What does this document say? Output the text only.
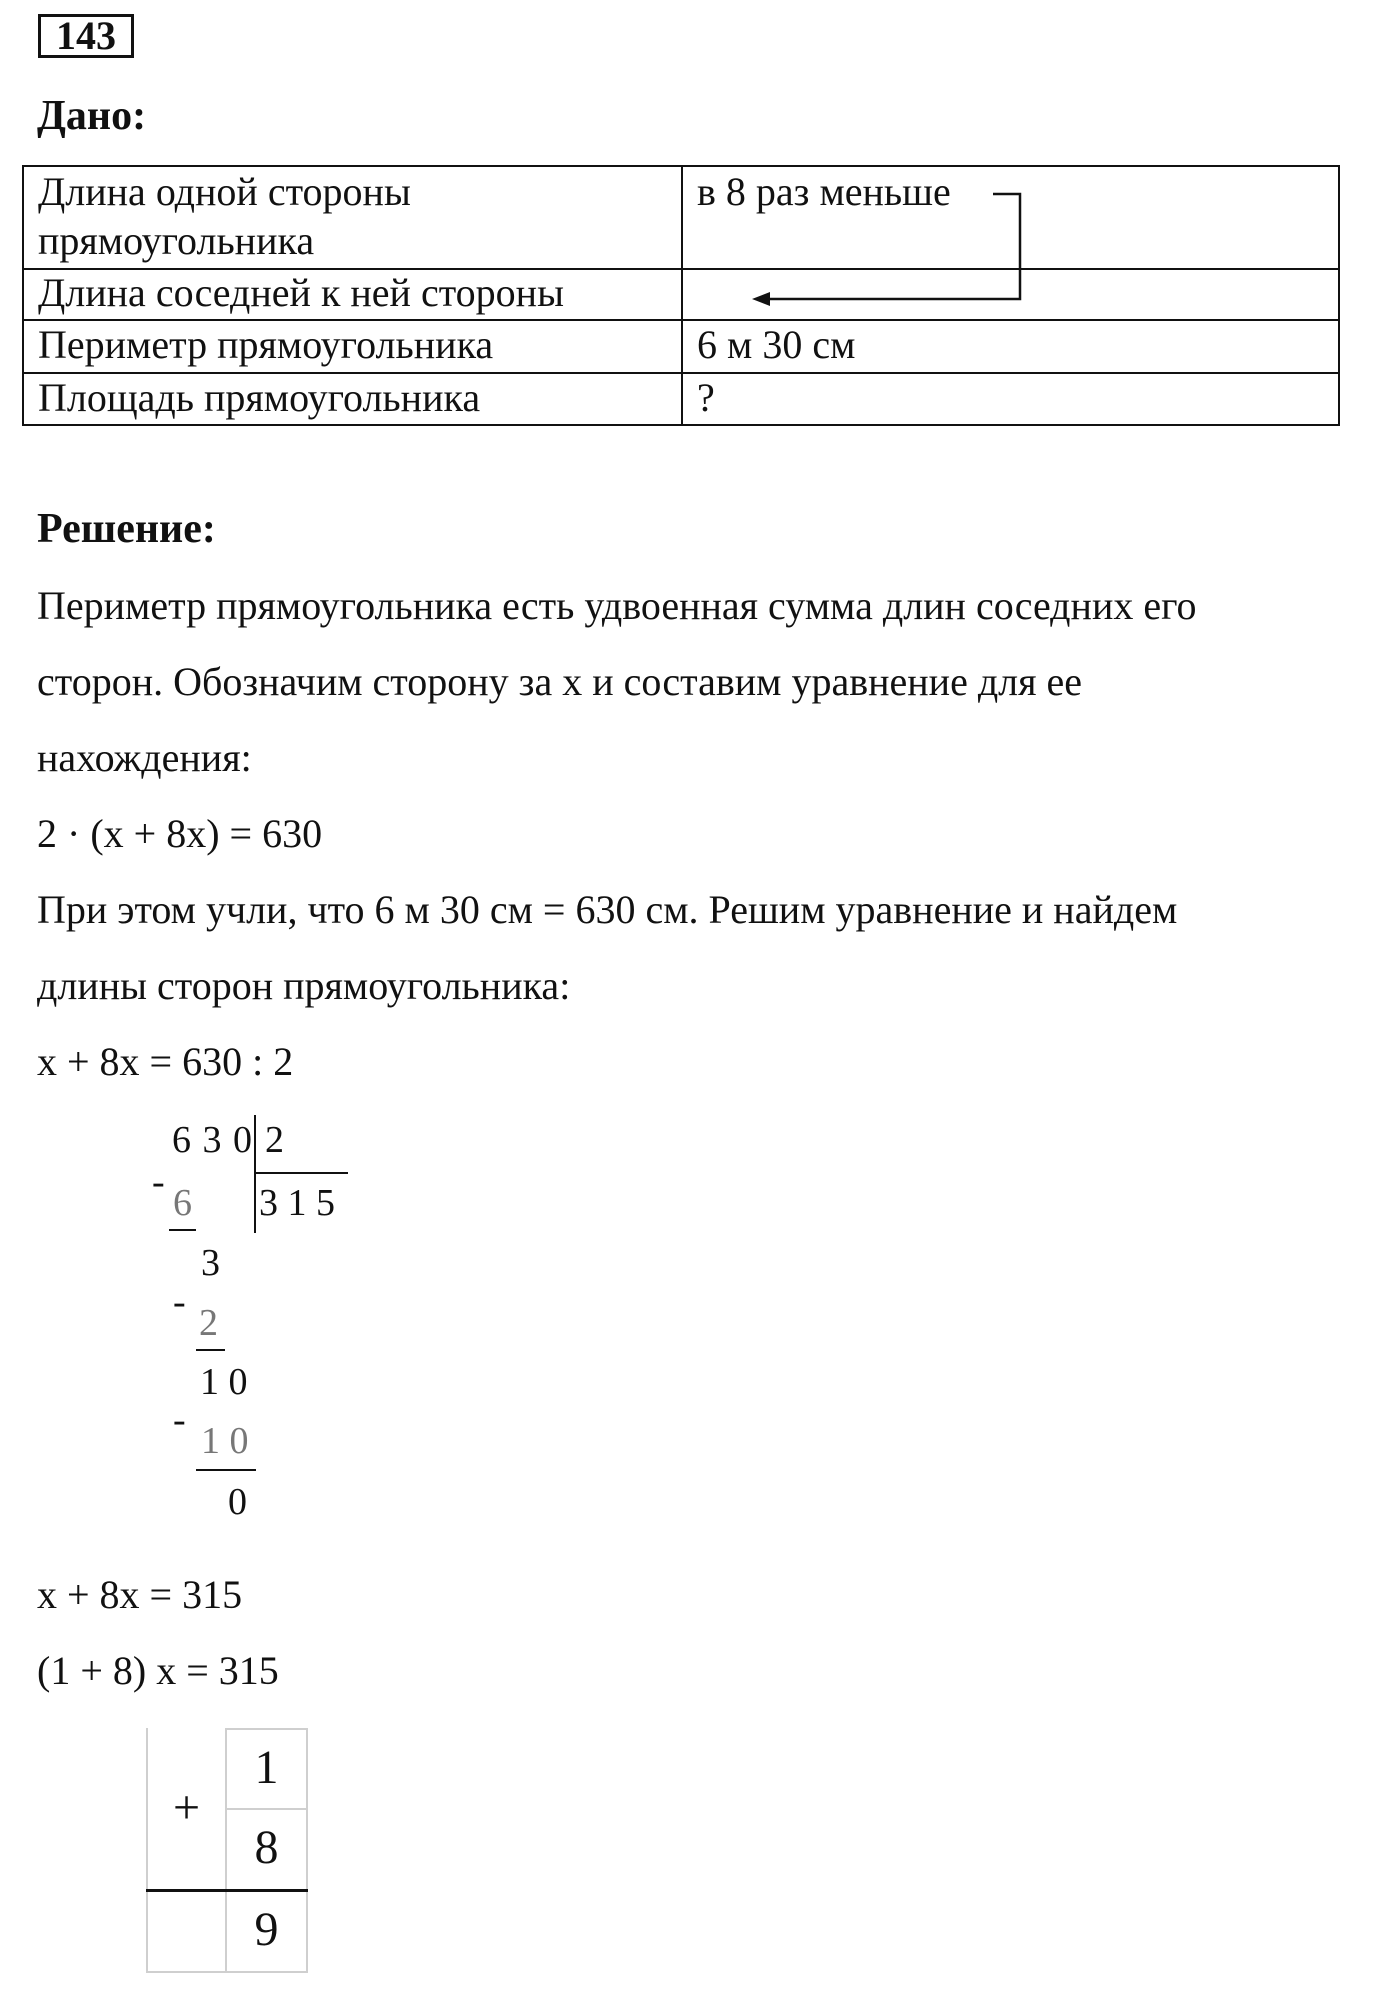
143
Дано:
Длина одной стороны
прямоугольника
в 8 раз меньше
Длина соседней к ней стороны
Периметр прямоугольника	6 м 30 см
Площадь прямоугольника	?
Решение:
Периметр прямоугольника есть удвоенная сумма длин соседних его
сторон. Обозначим сторону за x и составим уравнение для ее
нахождения:
2 · (x + 8x) = 630
При этом учли, что 6 м 30 см = 630 см. Решим уравнение и найдем
длины сторон прямоугольника:
x + 8x = 630 : 2
6 3 0 2
3 1 5
- 6
3
- 2
1 0
- 1 0
0
x + 8x = 315
(1 + 8) x = 315
+
1
8
9
